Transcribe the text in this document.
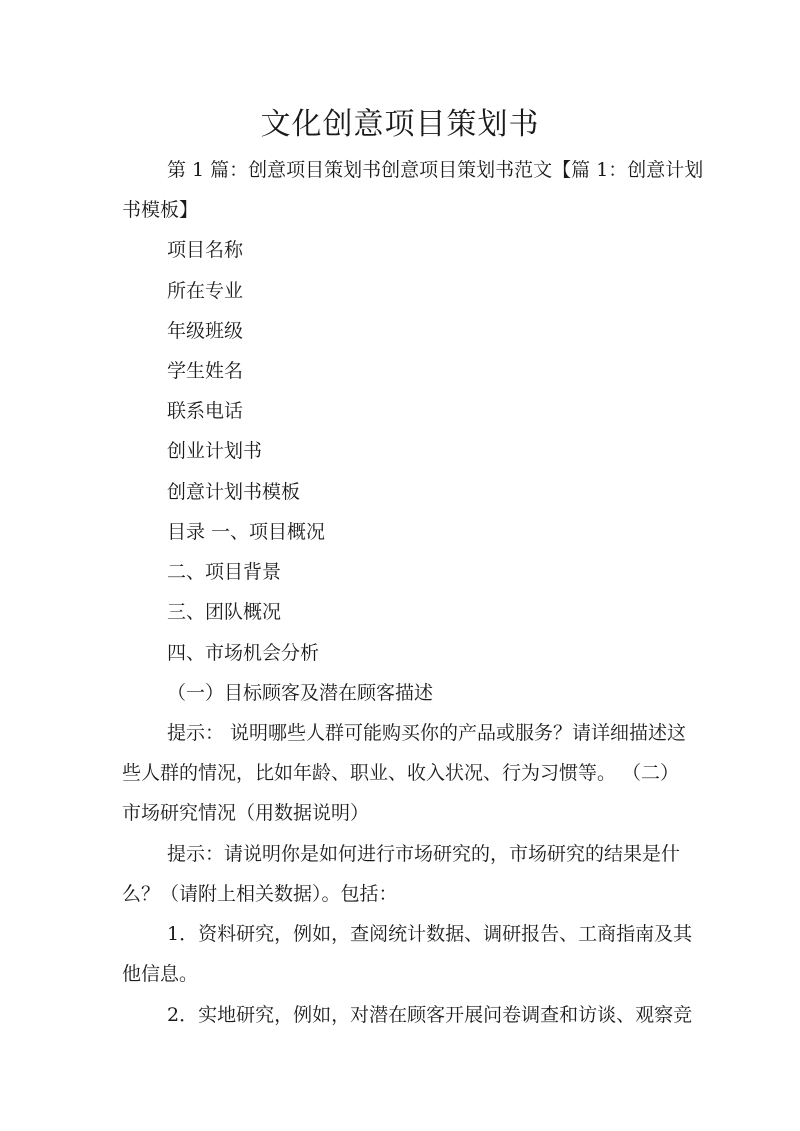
文化创意项目策划书
第 1 篇：创意项目策划书创意项目策划书范文【篇 1：创意计划
书模板】
项目名称
所在专业
年级班级
学生姓名
联系电话
创业计划书
创意计划书模板
目录 一、项目概况
二、项目背景
三、团队概况
四、市场机会分析
（一）目标顾客及潜在顾客描述
提示： 说明哪些人群可能购买你的产品或服务？请详细描述这
些人群的情况，比如年龄、职业、收入状况、行为习惯等。 （二）
市场研究情况（用数据说明）
提示：请说明你是如何进行市场研究的，市场研究的结果是什
么？（请附上相关数据）。包括：
1．资料研究，例如，查阅统计数据、调研报告、工商指南及其
他信息。
2．实地研究，例如，对潜在顾客开展问卷调查和访谈、观察竞
